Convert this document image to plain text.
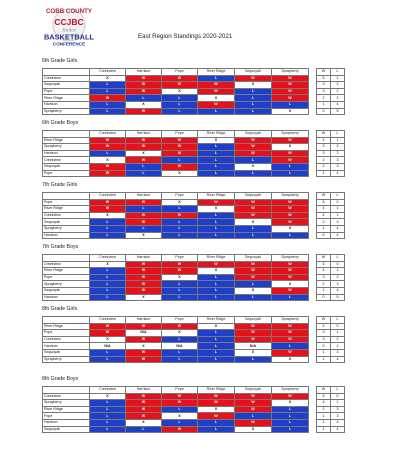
COBB COUNTY
CCJBC
Junior
BASKETBALL
CONFERENCE
East Region Standings 2020-2021
6th Grade Girls
	Creekview	Harrison	Pope	River Ridge	Sequoyah	Sprayberry
Creekview	X	W	W	L	W	W
Sequoyah	L	W	W	W	X	W
Pope	L	W	X	W	L	W
River Ridge	W	L	L	X	L	W
Harrison	L	X	L	W	L	L
Sprayberry	L	W	L	L	L	X
W	L
5	1
3	2
3	2
2	3
1	4
0	5
6th Grade Boys
	Creekview	Harrison	Pope	River Ridge	Sequoyah	Sprayberry
River Ridge	W	W	W	X	W	W
Sprayberry	W	W	W	L	W	X
Harrison	L	X	W	L	W	W
Creekview	X	W	L	L	L	W
Sequoyah	W	L	W	L	X	L
Pope	W	L	X	L	L	L
W	L
4	1
3	2
3	2
2	3
2	3
1	4
7th Grade Girls
	Creekview	Harrison	Pope	River Ridge	Sequoyah	Sprayberry
Pope	W	W	X	W	W	W
River Ridge	W	L	L	X	W	W
Creekview	X	W	W	L	W	W
Sequoyah	L	W	L	L	X	W
Sprayberry	L	L	L	L	L	X
Harrison	L	X	L	L	L	L
W	L
5	0
4	1
4	1
2	3
1	4
0	4
7th Grade Boys
	Creekview	Harrison	Pope	River Ridge	Sequoyah	Sprayberry
Creekview	X	W	W	W	W	W
River Ridge	L	W	W	X	W	W
Pope	L	W	X	L	W	W
Sprayberry	L	W	L	L	L	X
Sequoyah	L	W	L	L	X	W
Harrison	L	X	L	L	L	L
W	L
5	0
4	1
3	2
2	3
1	4
0	5
8th Grade Girls
	Creekview	Harrison	Pope	River Ridge	Sequoyah	Sprayberry
River Ridge	W	W	W	X	W	W
Pope	W	N/A	X	L	W	W
Creekview	X	W	L	L	W	W
Harrison	N/A	X	N/A	L	N/A	L
Sequoyah	L	W	L	L	X	W
Sprayberry	L	W	L	L	L	X
W	L
4	0
3	1
3	2
0	2
1	3
1	4
8th Grade Boys
	Creekview	Harrison	Pope	River Ridge	Sequoyah	Sprayberry
Creekview	X	W	W	W	W	W
Sprayberry	L	W	W	W	W	X
River Ridge	L	W	L	X	W	L
Pope	L	W	X	W	L	L
Harrison	L	X	L	L	W	L
Sequoyah	L	L	W	L	X	L
W	L
5	0
4	1
2	3
2	3
1	4
1	4
